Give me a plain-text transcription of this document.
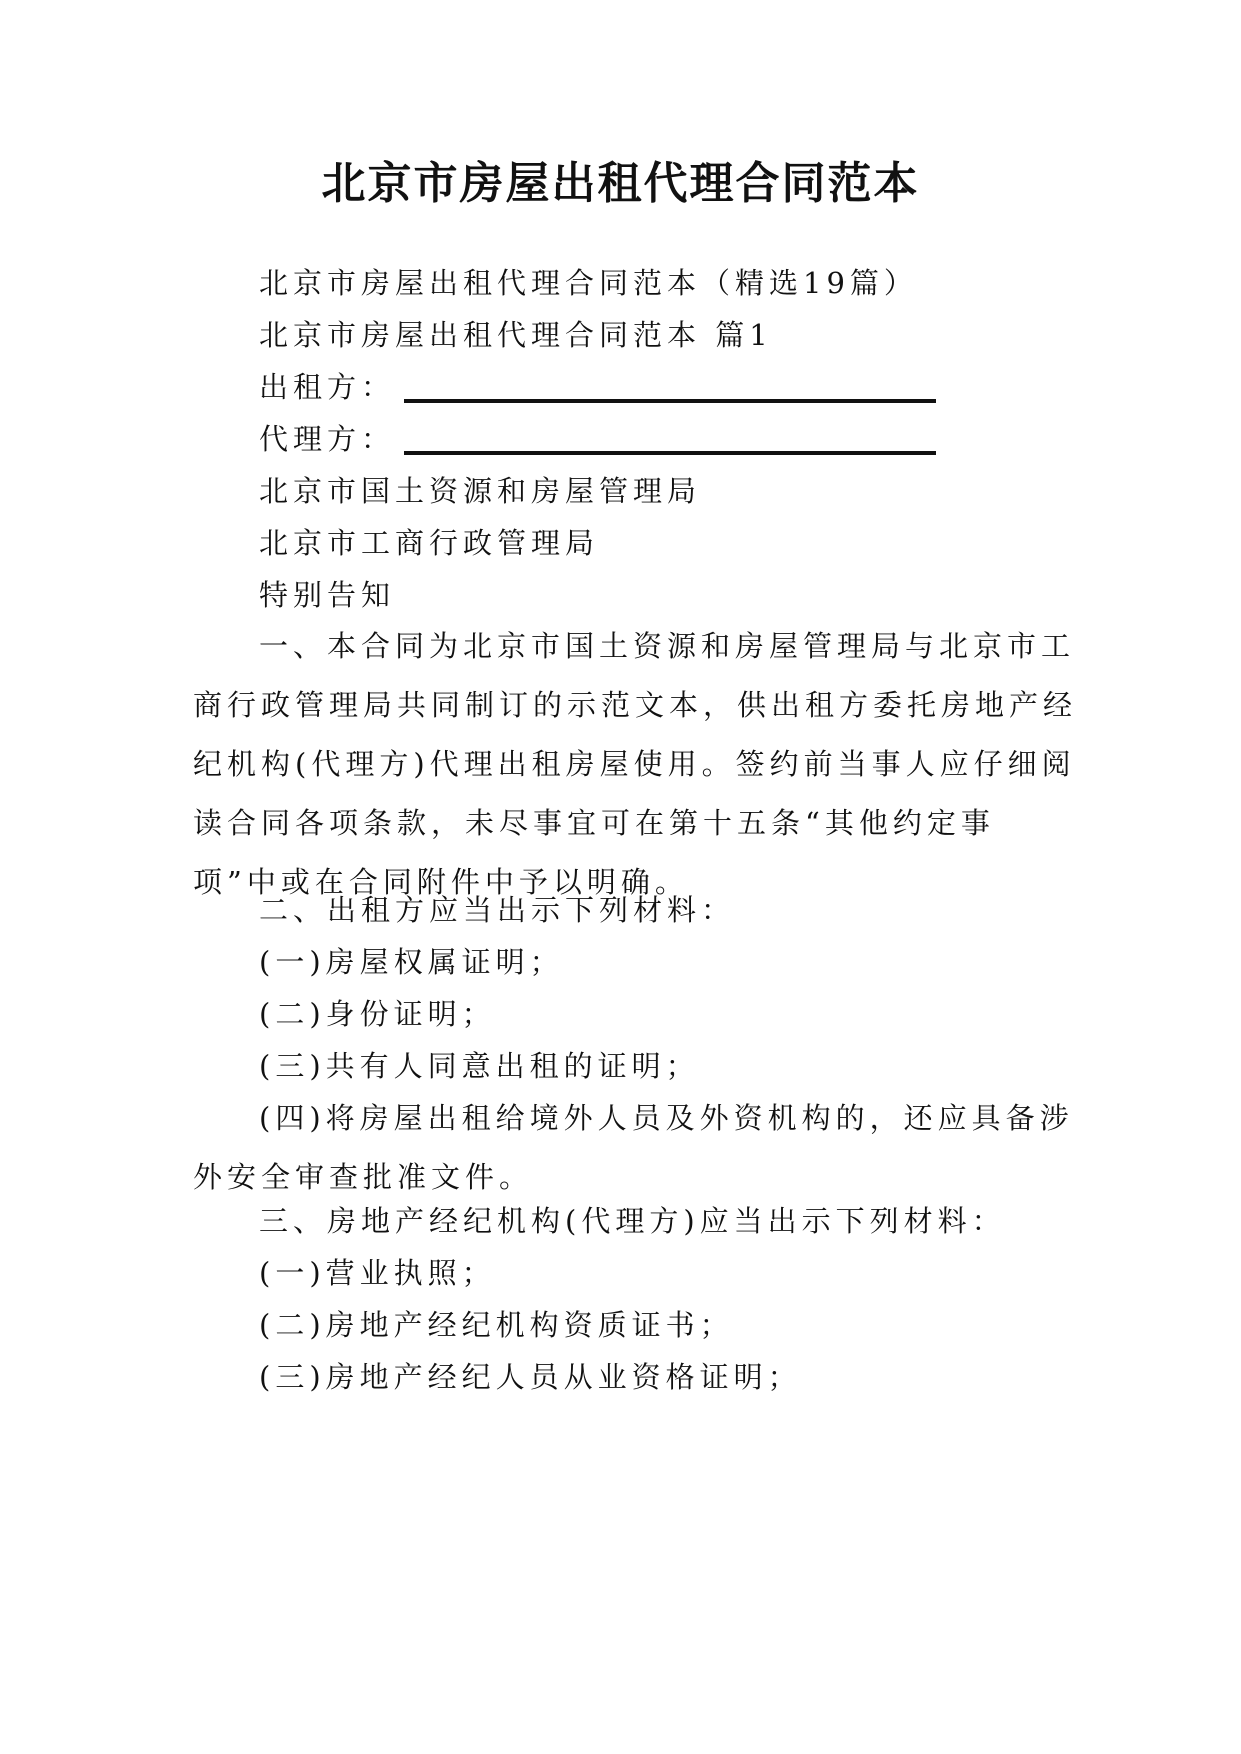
北京市房屋出租代理合同范本

北京市房屋出租代理合同范本（精选19篇）

北京市房屋出租代理合同范本 篇1

出租方：

代理方：

北京市国土资源和房屋管理局

北京市工商行政管理局

特别告知

一、本合同为北京市国土资源和房屋管理局与北京市工商行政管理局共同制订的示范文本，供出租方委托房地产经纪机构(代理方)代理出租房屋使用。签约前当事人应仔细阅读合同各项条款，未尽事宜可在第十五条“其他约定事项”中或在合同附件中予以明确。

二、出租方应当出示下列材料：

(一)房屋权属证明；

(二)身份证明；

(三)共有人同意出租的证明；

(四)将房屋出租给境外人员及外资机构的，还应具备涉外安全审查批准文件。

三、房地产经纪机构(代理方)应当出示下列材料：

(一)营业执照；

(二)房地产经纪机构资质证书；

(三)房地产经纪人员从业资格证明；
